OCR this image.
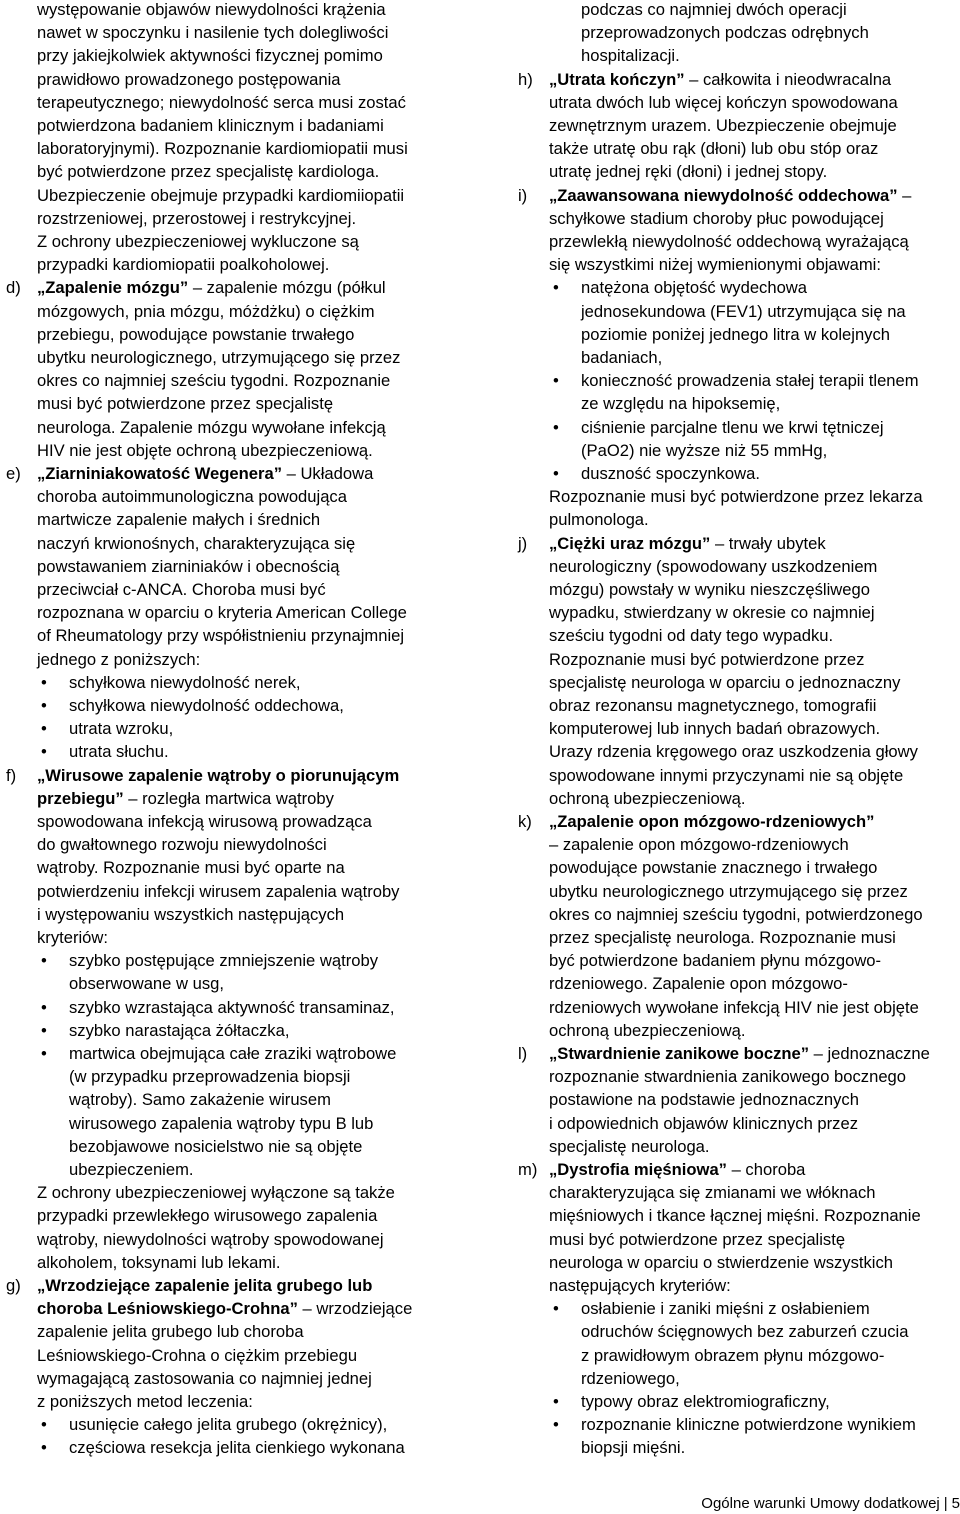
występowanie objawów niewydolności krążenia
nawet w spoczynku i nasilenie tych dolegliwości
przy jakiejkolwiek aktywności fizycznej pomimo
prawidłowo prowadzonego postępowania
terapeutycznego; niewydolność serca musi zostać
potwierdzona badaniem klinicznym i badaniami
laboratoryjnymi). Rozpoznanie kardiomiopatii musi
być potwierdzone przez specjalistę kardiologa.
Ubezpieczenie obejmuje przypadki kardiomiiopatii
rozstrzeniowej, przerostowej i restrykcyjnej.
Z ochrony ubezpieczeniowej wykluczone są
przypadki kardiomiopatii poalkoholowej.
d) „Zapalenie mózgu” – zapalenie mózgu (półkul
mózgowych, pnia mózgu, móżdżku) o ciężkim
przebiegu, powodujące powstanie trwałego
ubytku neurologicznego, utrzymującego się przez
okres co najmniej sześciu tygodni. Rozpoznanie
musi być potwierdzone przez specjalistę
neurologa. Zapalenie mózgu wywołane infekcją
HIV nie jest objęte ochroną ubezpieczeniową.
e) „Ziarniniakowatość Wegenera” – Układowa
choroba autoimmunologiczna powodująca
martwicze zapalenie małych i średnich
naczyń krwionośnych, charakteryzująca się
powstawaniem ziarniniaków i obecnością
przeciwciał c-ANCA. Choroba musi być
rozpoznana w oparciu o kryteria American College
of Rheumatology przy współistnieniu przynajmniej
jednego z poniższych:
• schyłkowa niewydolność nerek,
• schyłkowa niewydolność oddechowa,
• utrata wzroku,
• utrata słuchu.
f) „Wirusowe zapalenie wątroby o piorunującym
przebiegu” – rozległa martwica wątroby
spowodowana infekcją wirusową prowadząca
do gwałtownego rozwoju niewydolności
wątroby. Rozpoznanie musi być oparte na
potwierdzeniu infekcji wirusem zapalenia wątroby
i występowaniu wszystkich następujących
kryteriów:
• szybko postępujące zmniejszenie wątroby
obserwowane w usg,
• szybko wzrastająca aktywność transaminaz,
• szybko narastająca żółtaczka,
• martwica obejmująca całe zraziki wątrobowe
(w przypadku przeprowadzenia biopsji
wątroby). Samo zakażenie wirusem
wirusowego zapalenia wątroby typu B lub
bezobjawowe nosicielstwo nie są objęte
ubezpieczeniem.
Z ochrony ubezpieczeniowej wyłączone są także
przypadki przewlekłego wirusowego zapalenia
wątroby, niewydolności wątroby spowodowanej
alkoholem, toksynami lub lekami.
g) „Wrzodziejące zapalenie jelita grubego lub
choroba Leśniowskiego-Crohna” – wrzodziejące
zapalenie jelita grubego lub choroba
Leśniowskiego-Crohna o ciężkim przebiegu
wymagającą zastosowania co najmniej jednej
z poniższych metod leczenia:
• usunięcie całego jelita grubego (okrężnicy),
• częściowa resekcja jelita cienkiego wykonana
podczas co najmniej dwóch operacji
przeprowadzonych podczas odrębnych
hospitalizacji.
h) „Utrata kończyn” – całkowita i nieodwracalna
utrata dwóch lub więcej kończyn spowodowana
zewnętrznym urazem. Ubezpieczenie obejmuje
także utratę obu rąk (dłoni) lub obu stóp oraz
utratę jednej ręki (dłoni) i jednej stopy.
i) „Zaawansowana niewydolność oddechowa” –
schyłkowe stadium choroby płuc powodującej
przewlekłą niewydolność oddechową wyrażającą
się wszystkimi niżej wymienionymi objawami:
• natężona objętość wydechowa
jednosekundowa (FEV1) utrzymująca się na
poziomie poniżej jednego litra w kolejnych
badaniach,
• konieczność prowadzenia stałej terapii tlenem
ze względu na hipoksemię,
• ciśnienie parcjalne tlenu we krwi tętniczej
(PaO2) nie wyższe niż 55 mmHg,
• duszność spoczynkowa.
Rozpoznanie musi być potwierdzone przez lekarza
pulmonologa.
j) „Ciężki uraz mózgu” – trwały ubytek
neurologiczny (spowodowany uszkodzeniem
mózgu) powstały w wyniku nieszczęśliwego
wypadku, stwierdzany w okresie co najmniej
sześciu tygodni od daty tego wypadku.
Rozpoznanie musi być potwierdzone przez
specjalistę neurologa w oparciu o jednoznaczny
obraz rezonansu magnetycznego, tomografii
komputerowej lub innych badań obrazowych.
Urazy rdzenia kręgowego oraz uszkodzenia głowy
spowodowane innymi przyczynami nie są objęte
ochroną ubezpieczeniową.
k) „Zapalenie opon mózgowo-rdzeniowych”
– zapalenie opon mózgowo-rdzeniowych
powodujące powstanie znacznego i trwałego
ubytku neurologicznego utrzymującego się przez
okres co najmniej sześciu tygodni, potwierdzonego
przez specjalistę neurologa. Rozpoznanie musi
być potwierdzone badaniem płynu mózgowo-
rdzeniowego. Zapalenie opon mózgowo-
rdzeniowych wywołane infekcją HIV nie jest objęte
ochroną ubezpieczeniową.
l) „Stwardnienie zanikowe boczne” – jednoznaczne
rozpoznanie stwardnienia zanikowego bocznego
postawione na podstawie jednoznacznych
i odpowiednich objawów klinicznych przez
specjalistę neurologa.
m) „Dystrofia mięśniowa” – choroba
charakteryzująca się zmianami we włóknach
mięśniowych i tkance łącznej mięśni. Rozpoznanie
musi być potwierdzone przez specjalistę
neurologa w oparciu o stwierdzenie wszystkich
następujących kryteriów:
• osłabienie i zaniki mięśni z osłabieniem
odruchów ścięgnowych bez zaburzeń czucia
z prawidłowym obrazem płynu mózgowo-
rdzeniowego,
• typowy obraz elektromiograficzny,
• rozpoznanie kliniczne potwierdzone wynikiem
biopsji mięśni.
Ogólne warunki Umowy dodatkowej | 5
